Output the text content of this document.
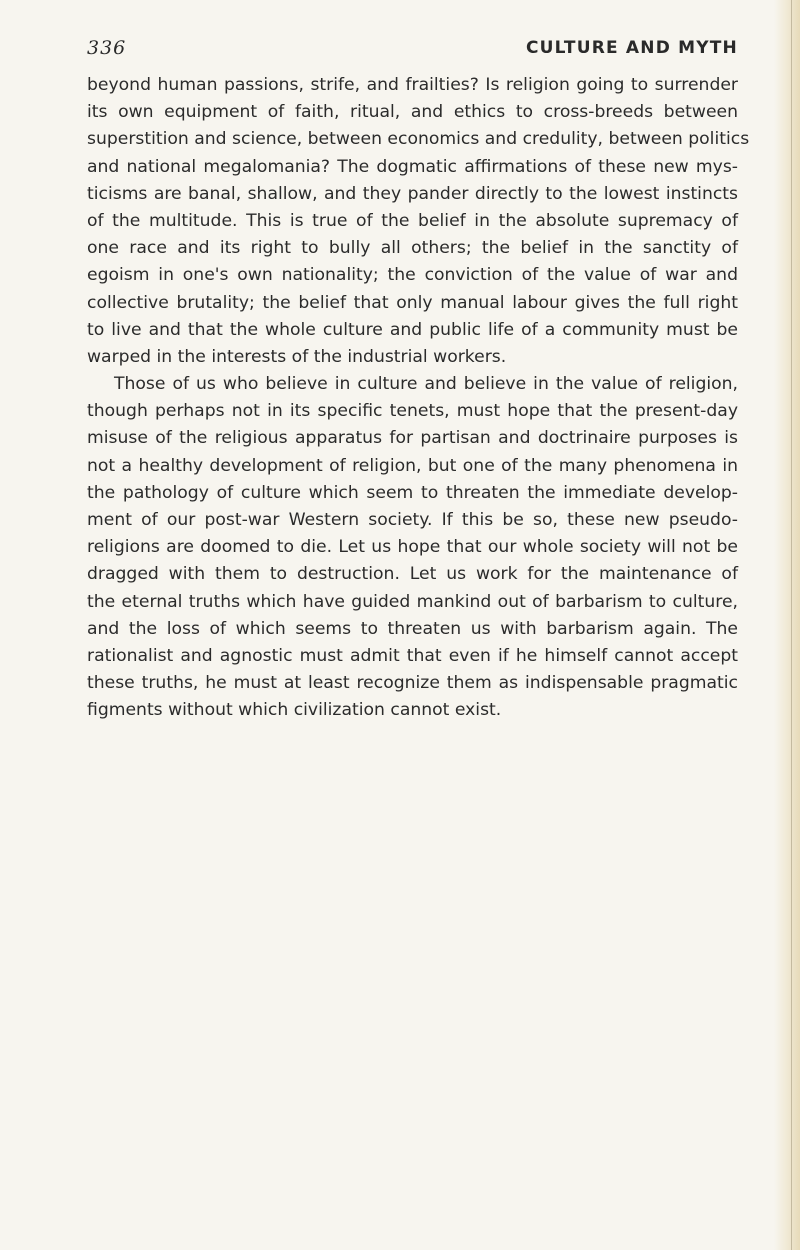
336	CULTURE AND MYTH
beyond human passions, strife, and frailties? Is religion going to surrender
its own equipment of faith, ritual, and ethics to cross-breeds between
superstition and science, between economics and credulity, between politics
and national megalomania? The dogmatic affirmations of these new mys-
ticisms are banal, shallow, and they pander directly to the lowest instincts
of the multitude. This is true of the belief in the absolute supremacy of
one race and its right to bully all others; the belief in the sanctity of
egoism in one's own nationality; the conviction of the value of war and
collective brutality; the belief that only manual labour gives the full right
to live and that the whole culture and public life of a community must be
warped in the interests of the industrial workers.
Those of us who believe in culture and believe in the value of religion,
though perhaps not in its specific tenets, must hope that the present-day
misuse of the religious apparatus for partisan and doctrinaire purposes is
not a healthy development of religion, but one of the many phenomena in
the pathology of culture which seem to threaten the immediate develop-
ment of our post-war Western society. If this be so, these new pseudo-
religions are doomed to die. Let us hope that our whole society will not be
dragged with them to destruction. Let us work for the maintenance of
the eternal truths which have guided mankind out of barbarism to culture,
and the loss of which seems to threaten us with barbarism again. The
rationalist and agnostic must admit that even if he himself cannot accept
these truths, he must at least recognize them as indispensable pragmatic
figments without which civilization cannot exist.
